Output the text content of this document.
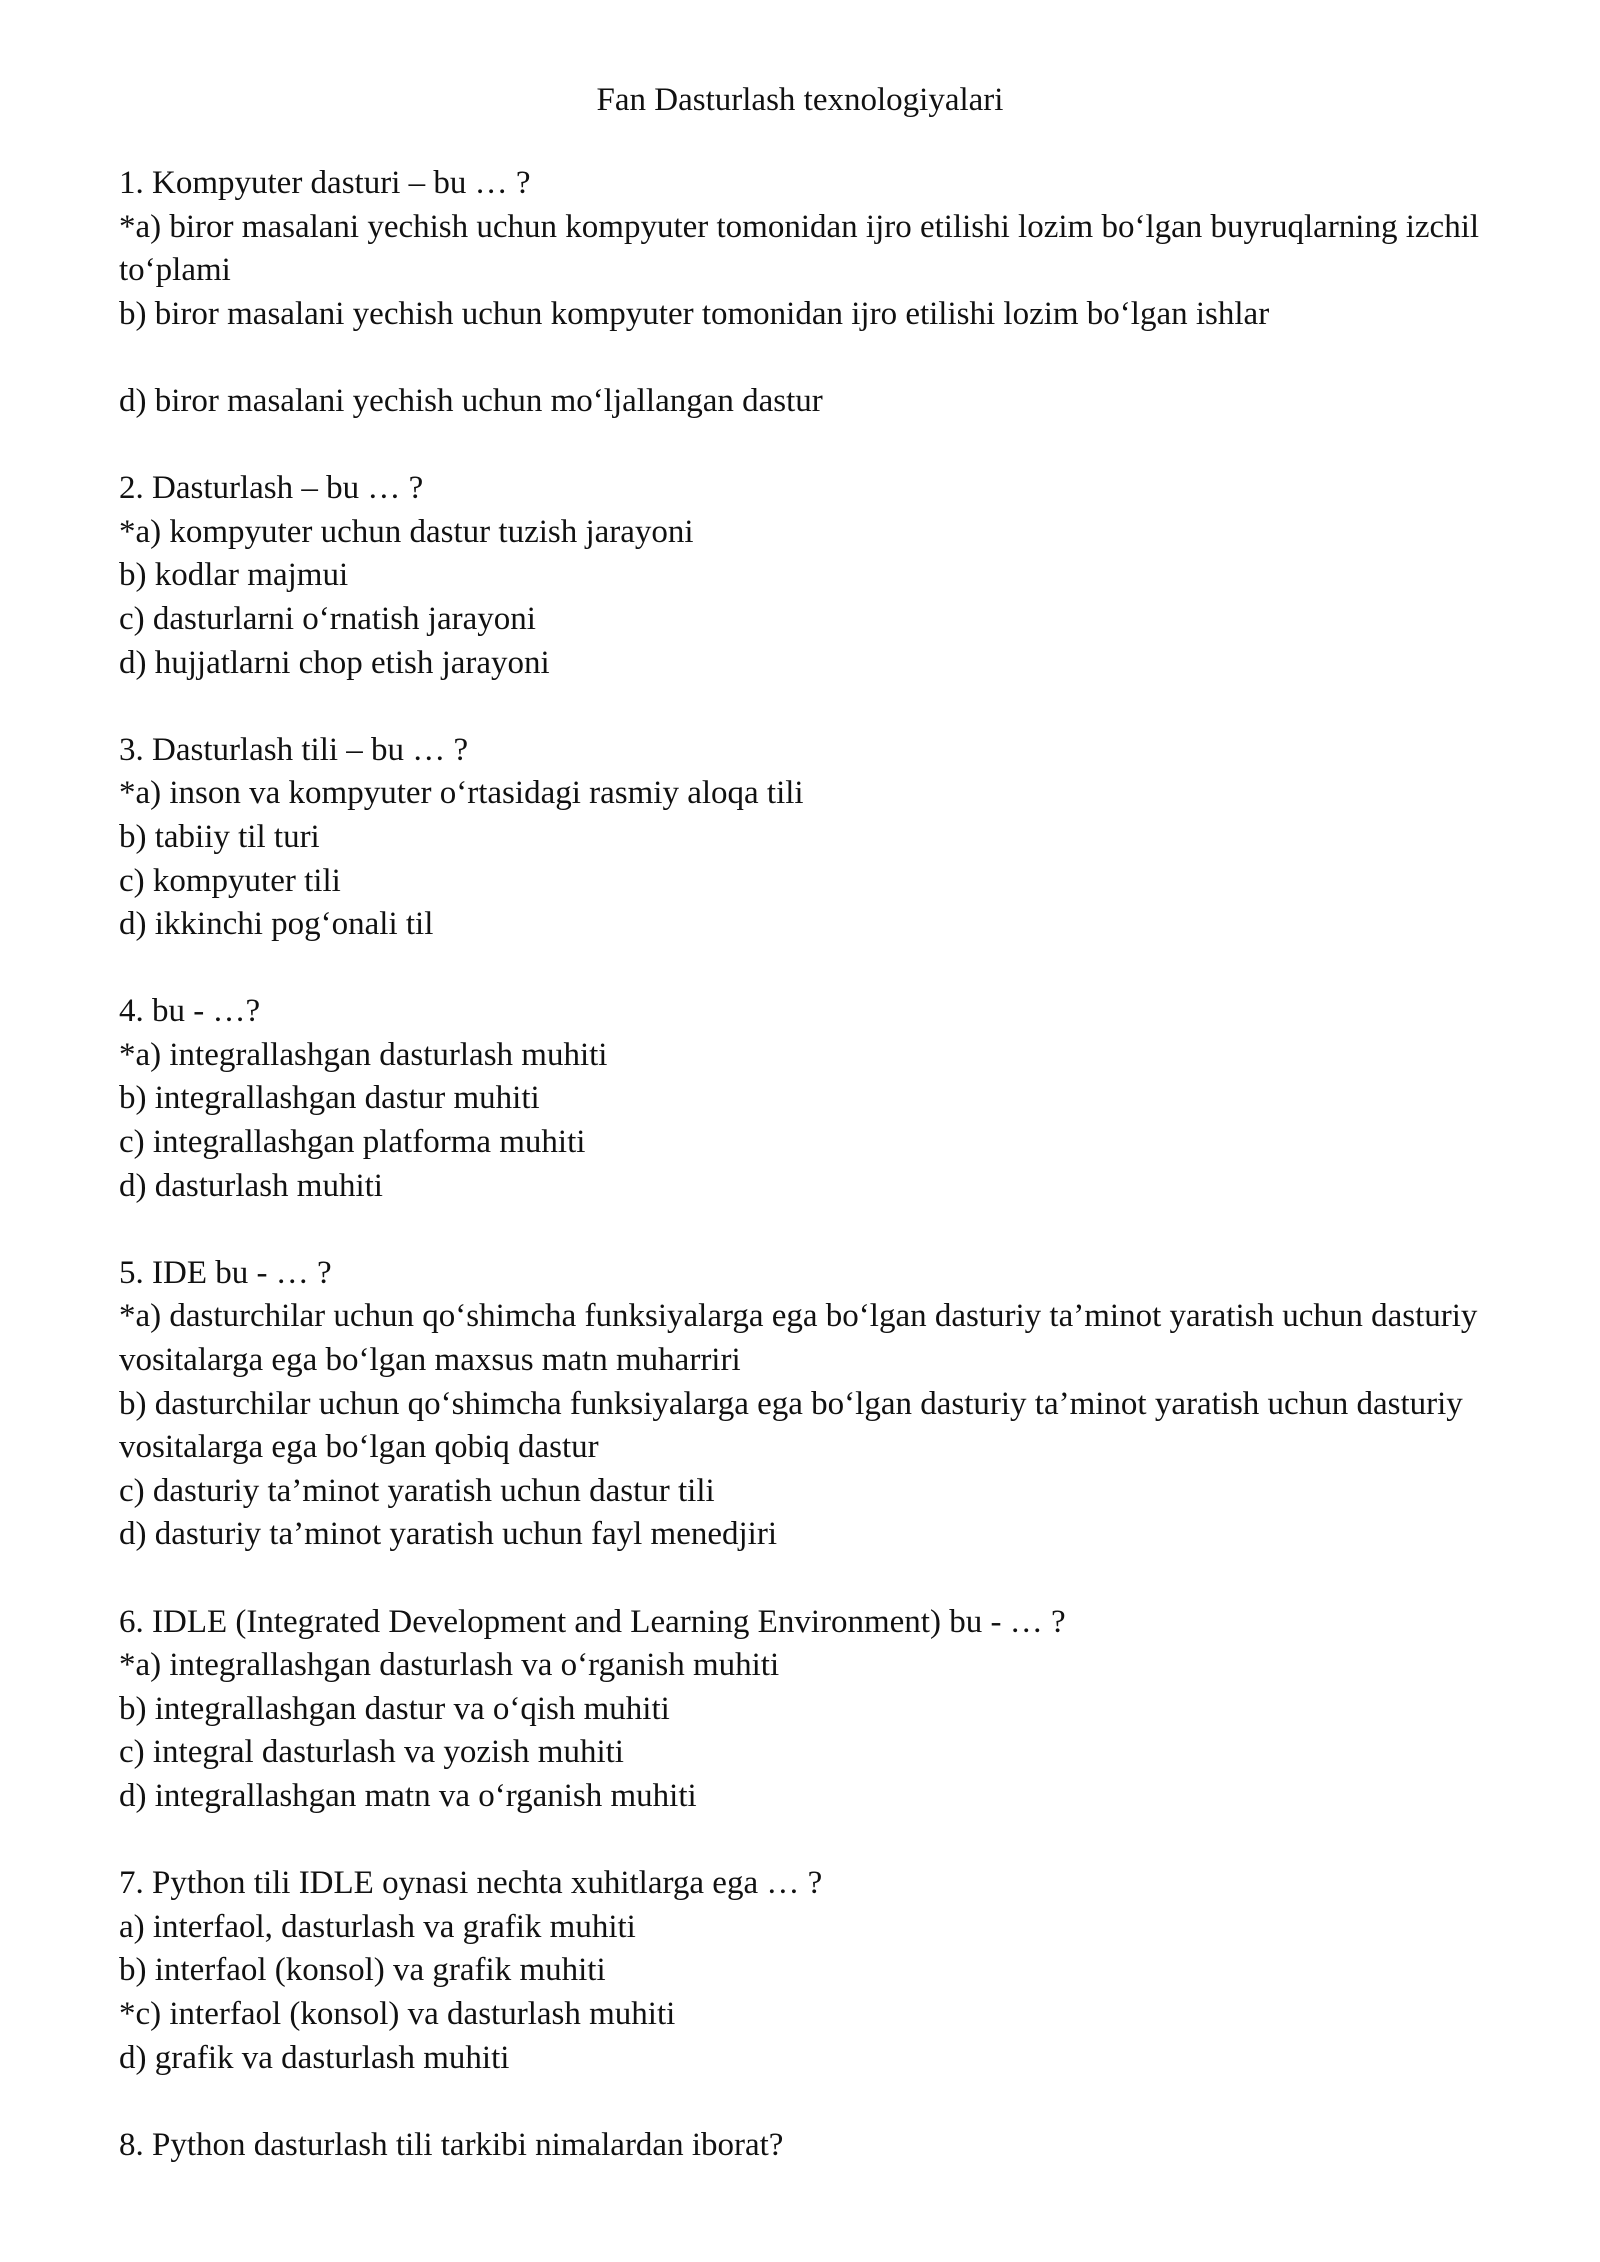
Fan Dasturlash texnologiyalari
1. Kompyuter dasturi – bu … ?
*a) biror masalani yechish uchun kompyuter tomonidan ijro etilishi lozim bo‘lgan buyruqlarning izchil to‘plami
b) biror masalani yechish uchun kompyuter tomonidan ijro etilishi lozim bo‘lgan ishlar
d) biror masalani yechish uchun mo‘ljallangan dastur
2. Dasturlash – bu … ?
*a) kompyuter uchun dastur tuzish jarayoni
b) kodlar majmui
c) dasturlarni o‘rnatish jarayoni
d) hujjatlarni chop etish jarayoni
3. Dasturlash tili – bu … ?
*a) inson va kompyuter o‘rtasidagi rasmiy aloqa tili
b) tabiiy til turi
c) kompyuter tili
d) ikkinchi pog‘onali til
4. bu - …?
*a) integrallashgan dasturlash muhiti
b) integrallashgan dastur muhiti
c) integrallashgan platforma muhiti
d) dasturlash muhiti
5. IDE bu - … ?
*a) dasturchilar uchun qo‘shimcha funksiyalarga ega bo‘lgan dasturiy ta’minot yaratish uchun dasturiy vositalarga ega bo‘lgan maxsus matn muharriri
b) dasturchilar uchun qo‘shimcha funksiyalarga ega bo‘lgan dasturiy ta’minot yaratish uchun dasturiy vositalarga ega bo‘lgan qobiq dastur
c) dasturiy ta’minot yaratish uchun dastur tili
d) dasturiy ta’minot yaratish uchun fayl menedjiri
6. IDLE (Integrated Development and Learning Environment) bu - … ?
*a) integrallashgan dasturlash va o‘rganish muhiti
b) integrallashgan dastur va o‘qish muhiti
c) integral dasturlash va yozish muhiti
d) integrallashgan matn va o‘rganish muhiti
7. Python tili IDLE oynasi nechta xuhitlarga ega … ?
a) interfaol, dasturlash va grafik muhiti
b) interfaol (konsol) va grafik muhiti
*c) interfaol (konsol) va dasturlash muhiti
d) grafik va dasturlash muhiti
8. Python dasturlash tili tarkibi nimalardan iborat?
